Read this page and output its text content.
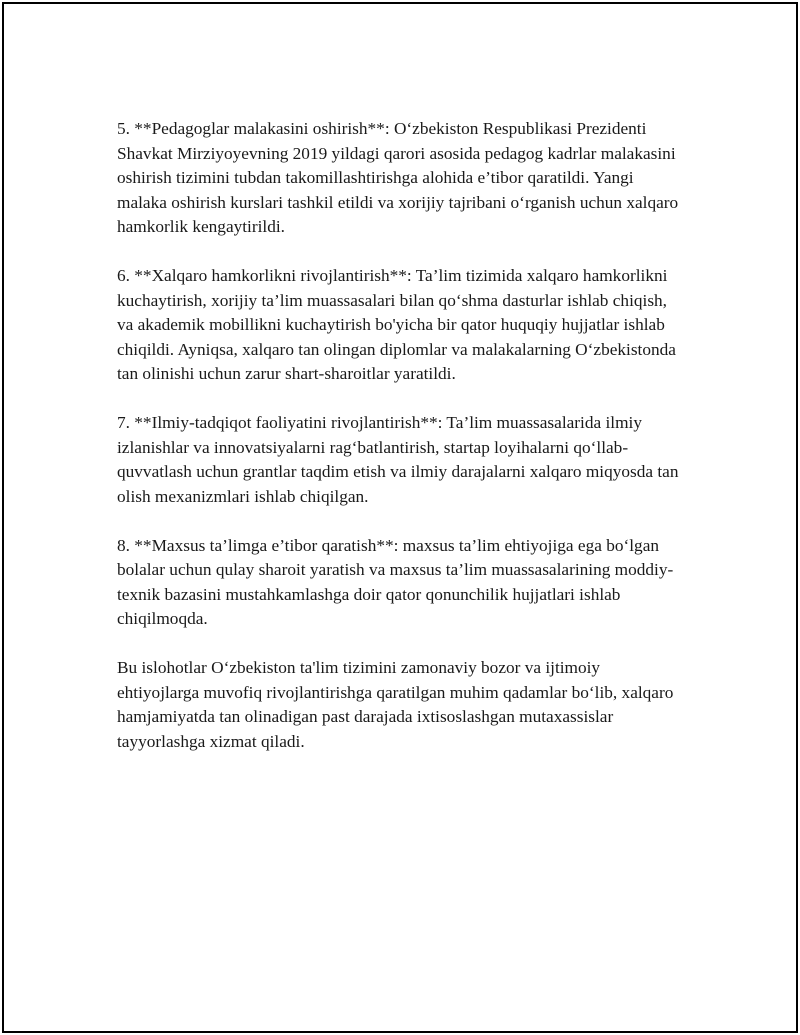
5. **Pedagoglar malakasini oshirish**: O‘zbekiston Respublikasi Prezidenti Shavkat Mirziyoyevning 2019 yildagi qarori asosida pedagog kadrlar malakasini oshirish tizimini tubdan takomillashtirishga alohida e’tibor qaratildi. Yangi malaka oshirish kurslari tashkil etildi va xorijiy tajribani o‘rganish uchun xalqaro hamkorlik kengaytirildi.

6. **Xalqaro hamkorlikni rivojlantirish**: Ta’lim tizimida xalqaro hamkorlikni kuchaytirish, xorijiy ta’lim muassasalari bilan qo‘shma dasturlar ishlab chiqish, va akademik mobillikni kuchaytirish bo'yicha bir qator huquqiy hujjatlar ishlab chiqildi. Ayniqsa, xalqaro tan olingan diplomlar va malakalarning O‘zbekistonda tan olinishi uchun zarur shart-sharoitlar yaratildi.

7. **Ilmiy-tadqiqot faoliyatini rivojlantirish**: Ta’lim muassasalarida ilmiy izlanishlar va innovatsiyalarni rag‘batlantirish, startap loyihalarni qo‘llab-quvvatlash uchun grantlar taqdim etish va ilmiy darajalarni xalqaro miqyosda tan olish mexanizmlari ishlab chiqilgan.

8. **Maxsus ta’limga e’tibor qaratish**: maxsus ta’lim ehtiyojiga ega bo‘lgan bolalar uchun qulay sharoit yaratish va maxsus ta’lim muassasalarining moddiy-texnik bazasini mustahkamlashga doir qator qonunchilik hujjatlari ishlab chiqilmoqda.

Bu islohotlar O‘zbekiston ta'lim tizimini zamonaviy bozor va ijtimoiy ehtiyojlarga muvofiq rivojlantirishga qaratilgan muhim qadamlar bo‘lib, xalqaro hamjamiyatda tan olinadigan past darajada ixtisoslashgan mutaxassislar tayyorlashga xizmat qiladi.
